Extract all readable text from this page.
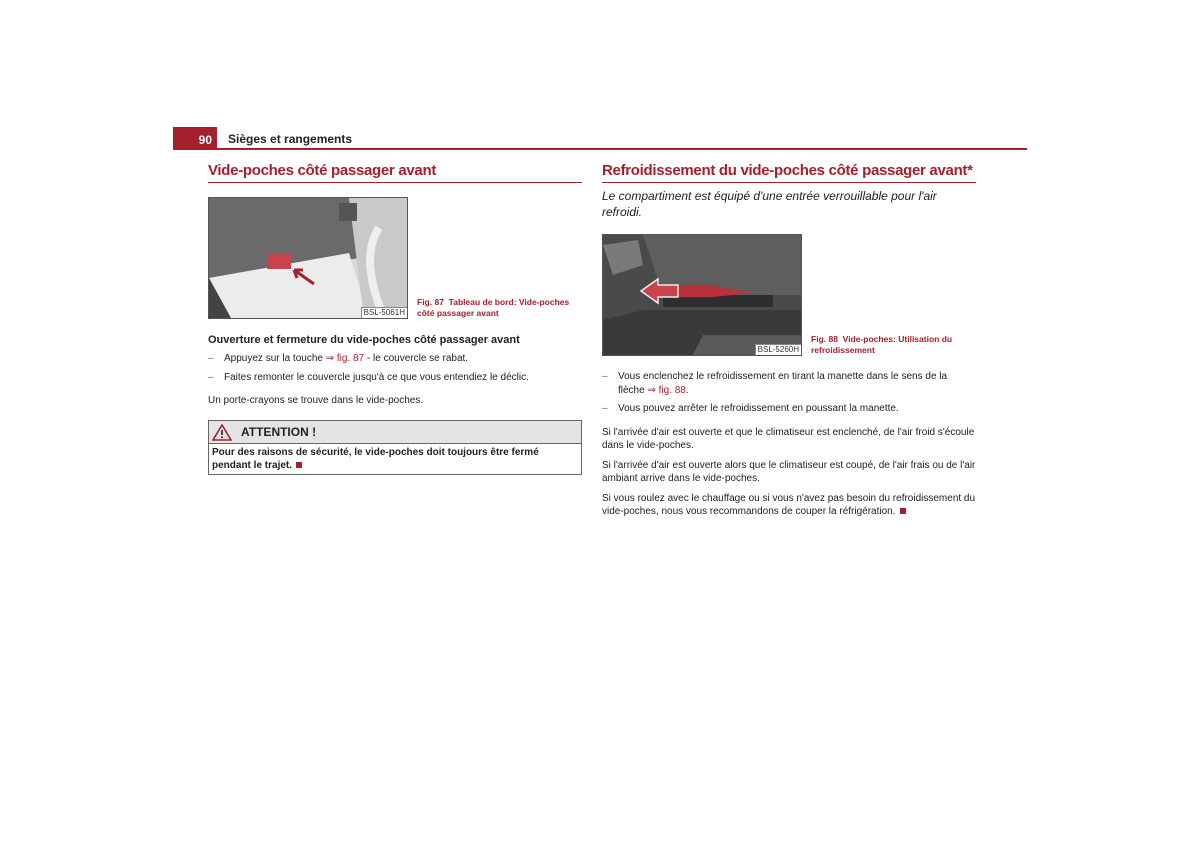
90	Sièges et rangements
Vide-poches côté passager avant
BSL-5061H
Fig. 87 Tableau de bord: Vide-poches côté passager avant
Ouverture et fermeture du vide-poches côté passager avant
– Appuyez sur la touche ⇒ fig. 87 - le couvercle se rabat.
– Faites remonter le couvercle jusqu'à ce que vous entendiez le déclic.
Un porte-crayons se trouve dans le vide-poches.
ATTENTION !
Pour des raisons de sécurité, le vide-poches doit toujours être fermé pendant le trajet.
Refroidissement du vide-poches côté passager avant*
Le compartiment est équipé d'une entrée verrouillable pour l'air refroidi.
BSL-5260H
Fig. 88 Vide-poches: Utilisation du refroidissement
– Vous enclenchez le refroidissement en tirant la manette dans le sens de la flèche ⇒ fig. 88.
– Vous pouvez arrêter le refroidissement en poussant la manette.
Si l'arrivée d'air est ouverte et que le climatiseur est enclenché, de l'air froid s'écoule dans le vide-poches.
Si l'arrivée d'air est ouverte alors que le climatiseur est coupé, de l'air frais ou de l'air ambiant arrive dans le vide-poches.
Si vous roulez avec le chauffage ou si vous n'avez pas besoin du refroidissement du vide-poches, nous vous recommandons de couper la réfrigération.
